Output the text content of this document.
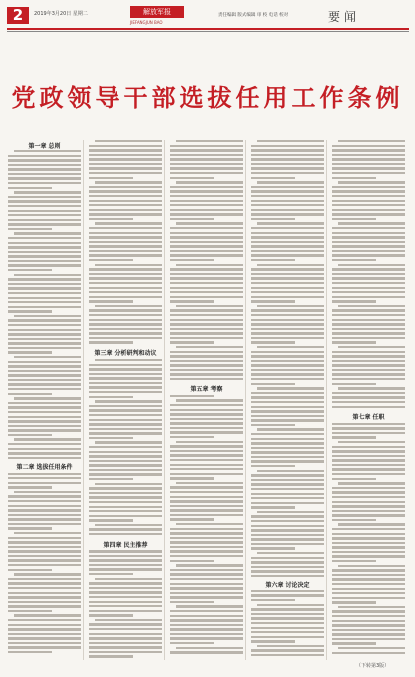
2	2019年3月20日 星期二	解放军报
JIEFANGJUN BAO
责任编辑 版式编辑 审 校 电话 校对	要闻
党政领导干部选拔任用工作条例
第一章 总则
第二章 选拔任用条件
第三章 分析研判和动议
第四章 民主推荐
第五章 考察
第六章 讨论决定
第七章 任职
（下转第3版）
